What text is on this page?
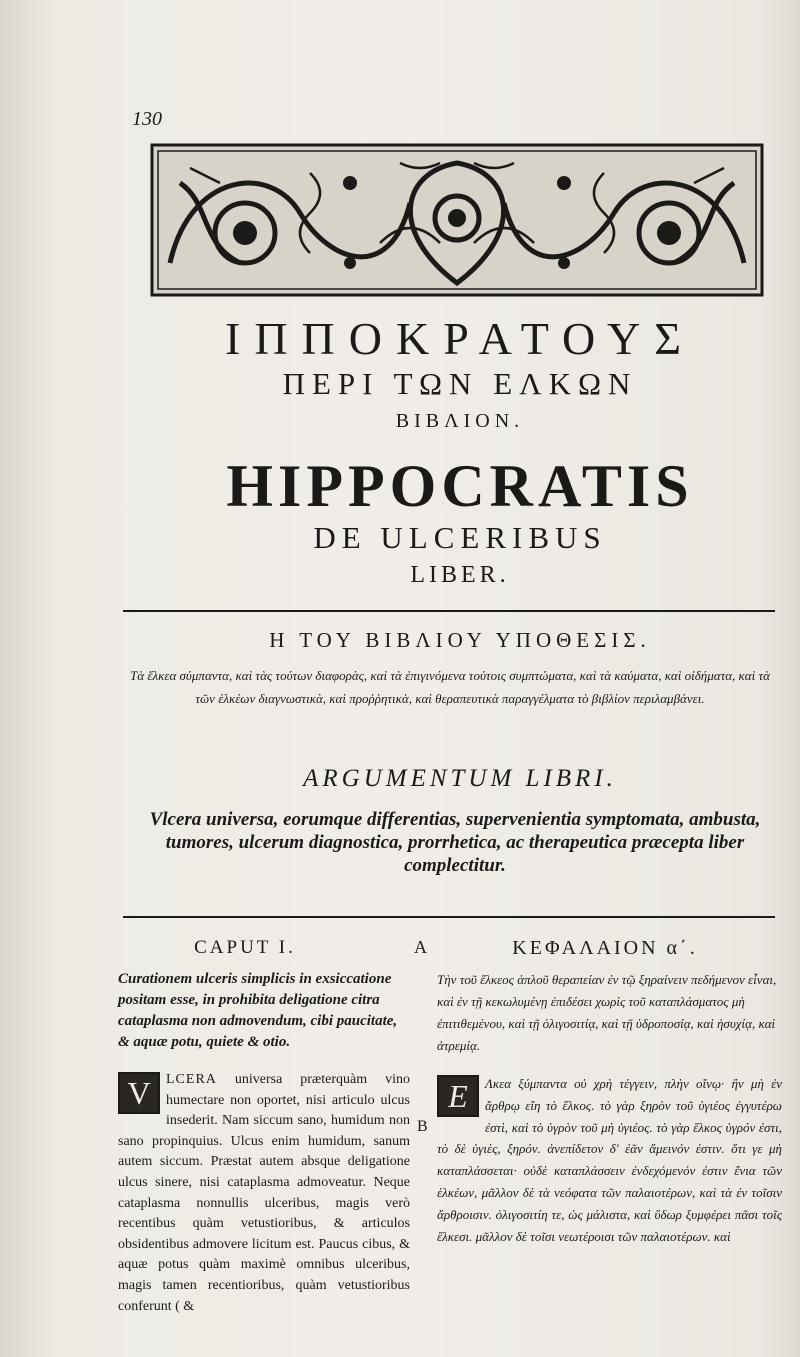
130
ΙΠΠΟΚΡΑΤΟΥΣ
ΠΕΡΙ ΤΩΝ ΕΛΚΩΝ
ΒΙΒΛΙΟΝ.
HIPPOCRATIS
DE ULCERIBUS
LIBER.
Η ΤΟΥ ΒΙΒΛΙΟΥ ΥΠΟΘΕΣΙΣ.
Τὰ ἕλκεα σύμπαντα, καὶ τὰς τούτων διαφορὰς, καὶ τὰ ἐπιγινόμενα τούτοις συμπτώματα, καὶ τὰ καύματα, καὶ οἰδήματα, καὶ τὰ τῶν ἑλκέων διαγνωστικὰ, καὶ προῤῥητικὰ, καὶ θεραπευτικὰ παραγγέλματα τὸ βιβλίον περιλαμβάνει.
ARGUMENTUM LIBRI.
Vlcera universa, eorumque differentias, supervenientia symptomata, ambusta, tumores, ulcerum diagnostica, prorrhetica, ac therapeutica præcepta liber complectitur.
CAPUT I.	A	ΚΕΦΑΛΑΙΟΝ α΄.
Curationem ulceris simplicis in exsiccatione positam esse, in prohibita deligatione citra cataplasma non admovendum, cibi paucitate, & aquæ potu, quiete & otio.
Τὴν τοῦ ἕλκεος ἁπλοῦ θεραπείαν ἐν τῷ ξηραίνειν πεδήμενον εἶναι, καὶ ἐν τῇ κεκωλυμένῃ ἐπιδέσει χωρὶς τοῦ καταπλάσματος μὴ ἐπιτιθεμένου, καὶ τῇ ὀλιγοσιτίᾳ, καὶ τῇ ὑδροποσίᾳ, καὶ ἡσυχίᾳ, καὶ ἀτρεμίᾳ.
V	LCERA universa præterquàm vino humectare non oportet, nisi articulo ulcus insederit. Nam siccum sano, humidum non sano propinquius. Ulcus enim humidum, sanum autem siccum. Præstat autem absque deligatione ulcus sinere, nisi cataplasma admoveatur. Neque cataplasma nonnullis ulceribus, magis verò recentibus quàm vetustioribus, & articulos obsidentibus admovere licitum est. Paucus cibus, & aquæ potus quàm maximè omnibus ulceribus, magis tamen recentioribus, quàm vetustioribus conferunt ( &
B
Ε	Λκεα ξύμπαντα οὐ χρὴ τέγγειν, πλὴν οἴνῳ· ἢν μὴ ἐν ἄρθρῳ εἴη τὸ ἕλκος. τὸ γὰρ ξηρὸν τοῦ ὑγιέος ἐγγυτέρω ἐστὶ, καὶ τὸ ὑγρὸν τοῦ μὴ ὑγιέος. τὸ γὰρ ἕλκος ὑγρόν ἐστι, τὸ δὲ ὑγιὲς, ξηρόν. ἀνεπίδετον δ' ἐᾶν ἄμεινόν ἐστιν. ὅτι γε μὴ καταπλάσσεται· οὐδὲ καταπλάσσειν ἐνδεχόμενόν ἐστιν ἔνια τῶν ἑλκέων, μᾶλλον δὲ τὰ νεόφατα τῶν παλαιοτέρων, καὶ τὰ ἐν τοῖσιν ἄρθροισιν. ὀλιγοσιτίη τε, ὡς μάλιστα, καὶ ὕδωρ ξυμφέρει πᾶσι τοῖς ἕλκεσι. μᾶλλον δὲ τοῖσι νεωτέροισι τῶν παλαιοτέρων. καὶ
